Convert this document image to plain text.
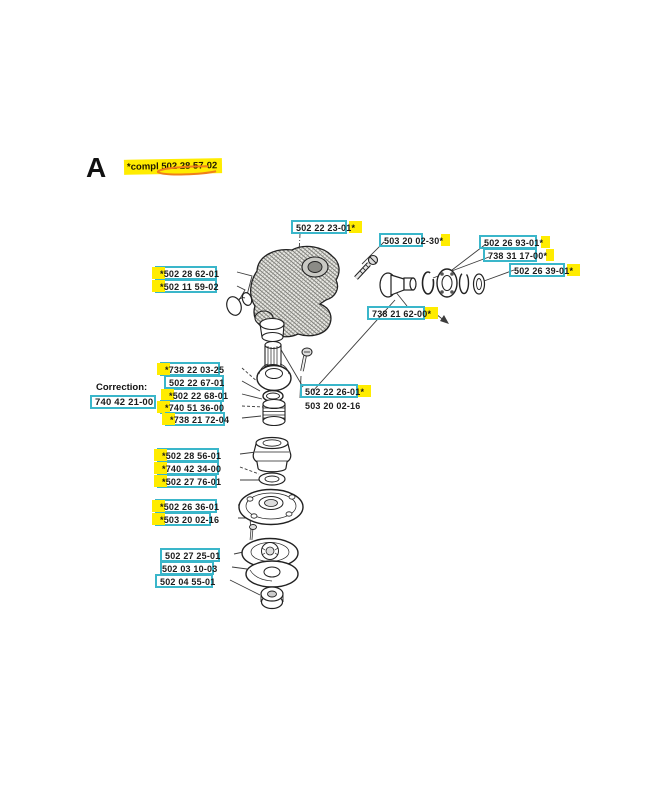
A	*compl 502 28 57-02
Correction:
740 42 21-00
502 22 23-01*
503 20 02-30*	502 26 93-01*
738 31 17-00*
502 26 39-01*
*502 28 62-01
*502 11 59-02
738 21 62-00*
*738 22 03-25
502 22 67-01
*502 22 68-01
*740 51 36-00
*738 21 72-04
502 22 26-01*
503 20 02-16
*502 28 56-01
*740 42 34-00
*502 27 76-01
*502 26 36-01
*503 20 02-16
502 27 25-01
502 03 10-03
502 04 55-01
